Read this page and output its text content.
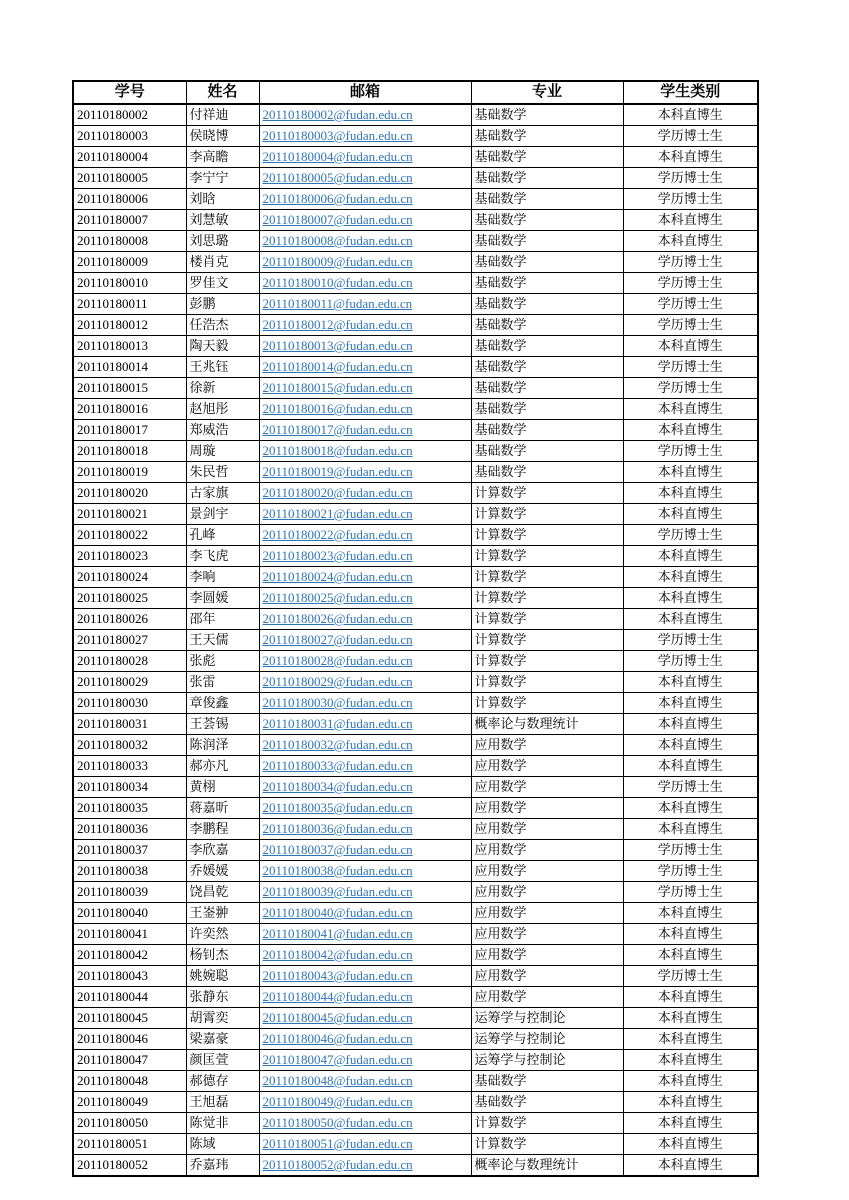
学号	姓名	邮箱	专业	学生类别
20110180002	付祥迪	20110180002@fudan.edu.cn	基础数学	本科直博生
20110180003	侯晓博	20110180003@fudan.edu.cn	基础数学	学历博士生
20110180004	李高瞻	20110180004@fudan.edu.cn	基础数学	本科直博生
20110180005	李宁宁	20110180005@fudan.edu.cn	基础数学	学历博士生
20110180006	刘晗	20110180006@fudan.edu.cn	基础数学	学历博士生
20110180007	刘慧敏	20110180007@fudan.edu.cn	基础数学	本科直博生
20110180008	刘思璐	20110180008@fudan.edu.cn	基础数学	本科直博生
20110180009	楼肖克	20110180009@fudan.edu.cn	基础数学	学历博士生
20110180010	罗佳文	20110180010@fudan.edu.cn	基础数学	学历博士生
20110180011	彭鹏	20110180011@fudan.edu.cn	基础数学	学历博士生
20110180012	任浩杰	20110180012@fudan.edu.cn	基础数学	学历博士生
20110180013	陶天毅	20110180013@fudan.edu.cn	基础数学	本科直博生
20110180014	王兆钰	20110180014@fudan.edu.cn	基础数学	学历博士生
20110180015	徐新	20110180015@fudan.edu.cn	基础数学	学历博士生
20110180016	赵旭彤	20110180016@fudan.edu.cn	基础数学	本科直博生
20110180017	郑威浩	20110180017@fudan.edu.cn	基础数学	本科直博生
20110180018	周璇	20110180018@fudan.edu.cn	基础数学	学历博士生
20110180019	朱民哲	20110180019@fudan.edu.cn	基础数学	本科直博生
20110180020	古家旗	20110180020@fudan.edu.cn	计算数学	本科直博生
20110180021	景剑宇	20110180021@fudan.edu.cn	计算数学	本科直博生
20110180022	孔峰	20110180022@fudan.edu.cn	计算数学	学历博士生
20110180023	李飞虎	20110180023@fudan.edu.cn	计算数学	本科直博生
20110180024	李响	20110180024@fudan.edu.cn	计算数学	本科直博生
20110180025	李圆媛	20110180025@fudan.edu.cn	计算数学	本科直博生
20110180026	邵年	20110180026@fudan.edu.cn	计算数学	本科直博生
20110180027	王天儒	20110180027@fudan.edu.cn	计算数学	学历博士生
20110180028	张彪	20110180028@fudan.edu.cn	计算数学	学历博士生
20110180029	张雷	20110180029@fudan.edu.cn	计算数学	本科直博生
20110180030	章俊鑫	20110180030@fudan.edu.cn	计算数学	本科直博生
20110180031	王荟锡	20110180031@fudan.edu.cn	概率论与数理统计	本科直博生
20110180032	陈润泽	20110180032@fudan.edu.cn	应用数学	本科直博生
20110180033	郝亦凡	20110180033@fudan.edu.cn	应用数学	本科直博生
20110180034	黄栩	20110180034@fudan.edu.cn	应用数学	学历博士生
20110180035	蒋嘉昕	20110180035@fudan.edu.cn	应用数学	本科直博生
20110180036	李鹏程	20110180036@fudan.edu.cn	应用数学	本科直博生
20110180037	李欣嘉	20110180037@fudan.edu.cn	应用数学	学历博士生
20110180038	乔媛媛	20110180038@fudan.edu.cn	应用数学	学历博士生
20110180039	饶昌乾	20110180039@fudan.edu.cn	应用数学	学历博士生
20110180040	王崟翀	20110180040@fudan.edu.cn	应用数学	本科直博生
20110180041	许奕然	20110180041@fudan.edu.cn	应用数学	本科直博生
20110180042	杨钊杰	20110180042@fudan.edu.cn	应用数学	本科直博生
20110180043	姚婉聪	20110180043@fudan.edu.cn	应用数学	学历博士生
20110180044	张静东	20110180044@fudan.edu.cn	应用数学	本科直博生
20110180045	胡霄奕	20110180045@fudan.edu.cn	运筹学与控制论	本科直博生
20110180046	梁嘉豪	20110180046@fudan.edu.cn	运筹学与控制论	本科直博生
20110180047	颜匡萱	20110180047@fudan.edu.cn	运筹学与控制论	本科直博生
20110180048	郝德存	20110180048@fudan.edu.cn	基础数学	本科直博生
20110180049	王旭磊	20110180049@fudan.edu.cn	基础数学	本科直博生
20110180050	陈觉非	20110180050@fudan.edu.cn	计算数学	本科直博生
20110180051	陈域	20110180051@fudan.edu.cn	计算数学	本科直博生
20110180052	乔嘉玮	20110180052@fudan.edu.cn	概率论与数理统计	本科直博生
